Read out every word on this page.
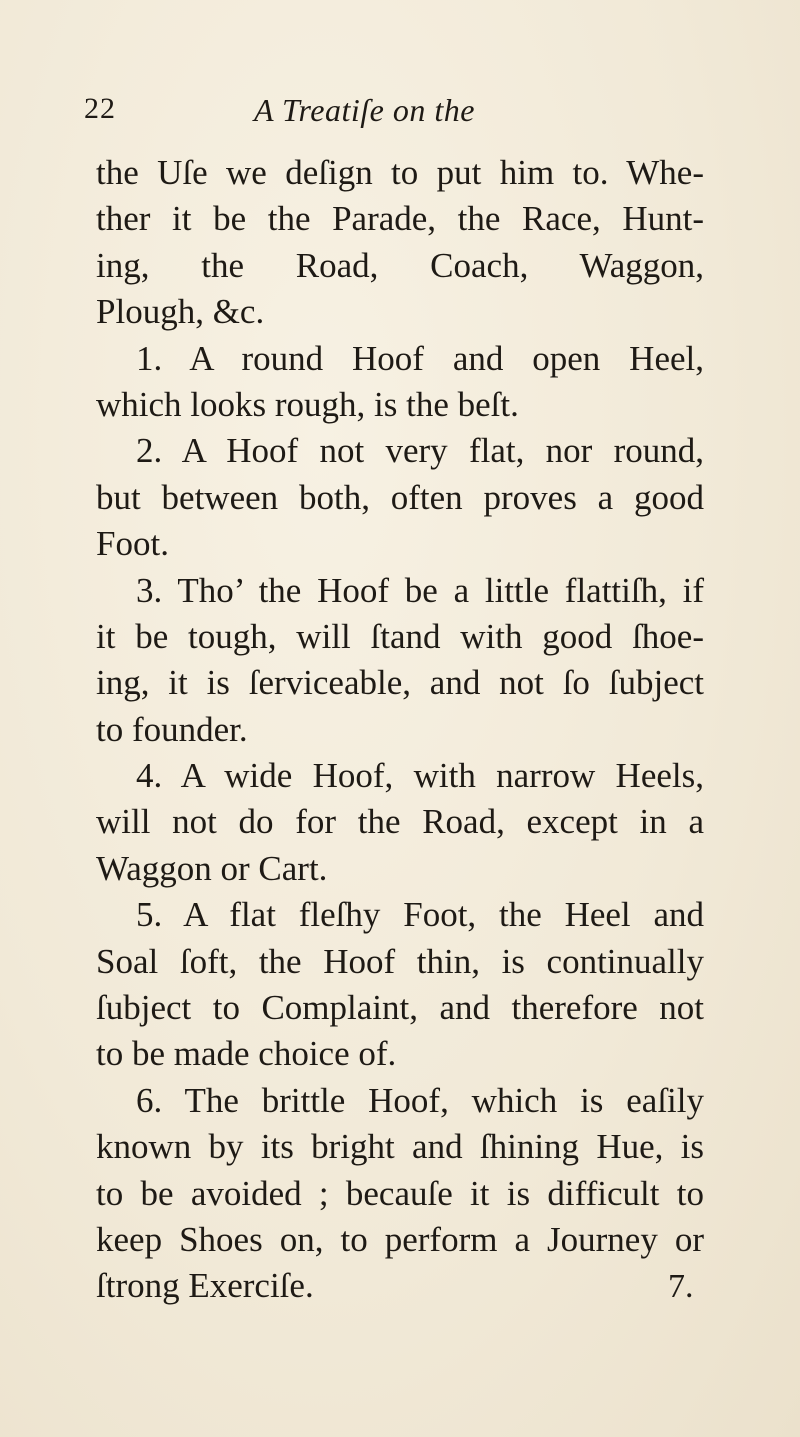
22	A Treatiſe on the
the Uſe we deſign to put him to. Whe-
ther it be the Parade, the Race, Hunt-
ing, the Road, Coach, Waggon,
Plough, &c.
1. A round Hoof and open Heel,
which looks rough, is the beſt.
2. A Hoof not very flat, nor round,
but between both, often proves a good
Foot.
3. Tho’ the Hoof be a little flattiſh, if
it be tough, will ſtand with good ſhoe-
ing, it is ſerviceable, and not ſo ſubject
to founder.
4. A wide Hoof, with narrow Heels,
will not do for the Road, except in a
Waggon or Cart.
5. A flat fleſhy Foot, the Heel and
Soal ſoft, the Hoof thin, is continually
ſubject to Complaint, and therefore not
to be made choice of.
6. The brittle Hoof, which is eaſily
known by its bright and ſhining Hue, is
to be avoided ; becauſe it is difficult to
keep Shoes on, to perform a Journey or
ſtrong Exerciſe.	7.
